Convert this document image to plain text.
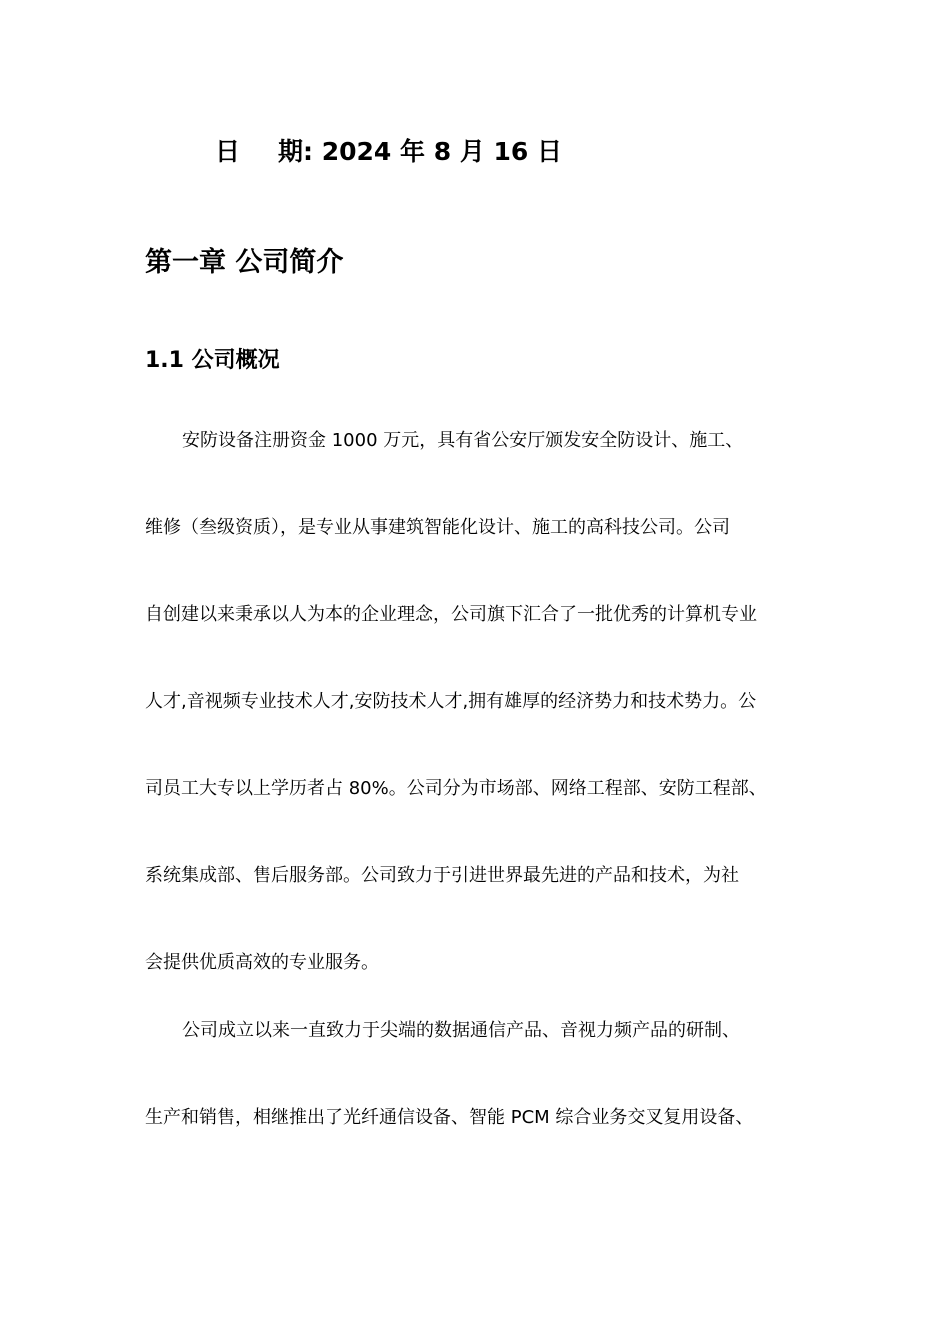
日 期: 2024 年 8 月 16 日
第一章 公司简介
1.1 公司概况
安防设备注册资金 1000 万元，具有省公安厅颁发安全防设计、施工、
维修（叁级资质），是专业从事建筑智能化设计、施工的高科技公司。公司
自创建以来秉承以人为本的企业理念，公司旗下汇合了一批优秀的计算机专业
人才,音视频专业技术人才,安防技术人才,拥有雄厚的经济势力和技术势力。公
司员工大专以上学历者占 80%。公司分为市场部、网络工程部、安防工程部、
系统集成部、售后服务部。公司致力于引进世界最先进的产品和技术，为社
会提供优质高效的专业服务。
公司成立以来一直致力于尖端的数据通信产品、音视力频产品的研制、
生产和销售，相继推出了光纤通信设备、智能 PCM 综合业务交叉复用设备、
